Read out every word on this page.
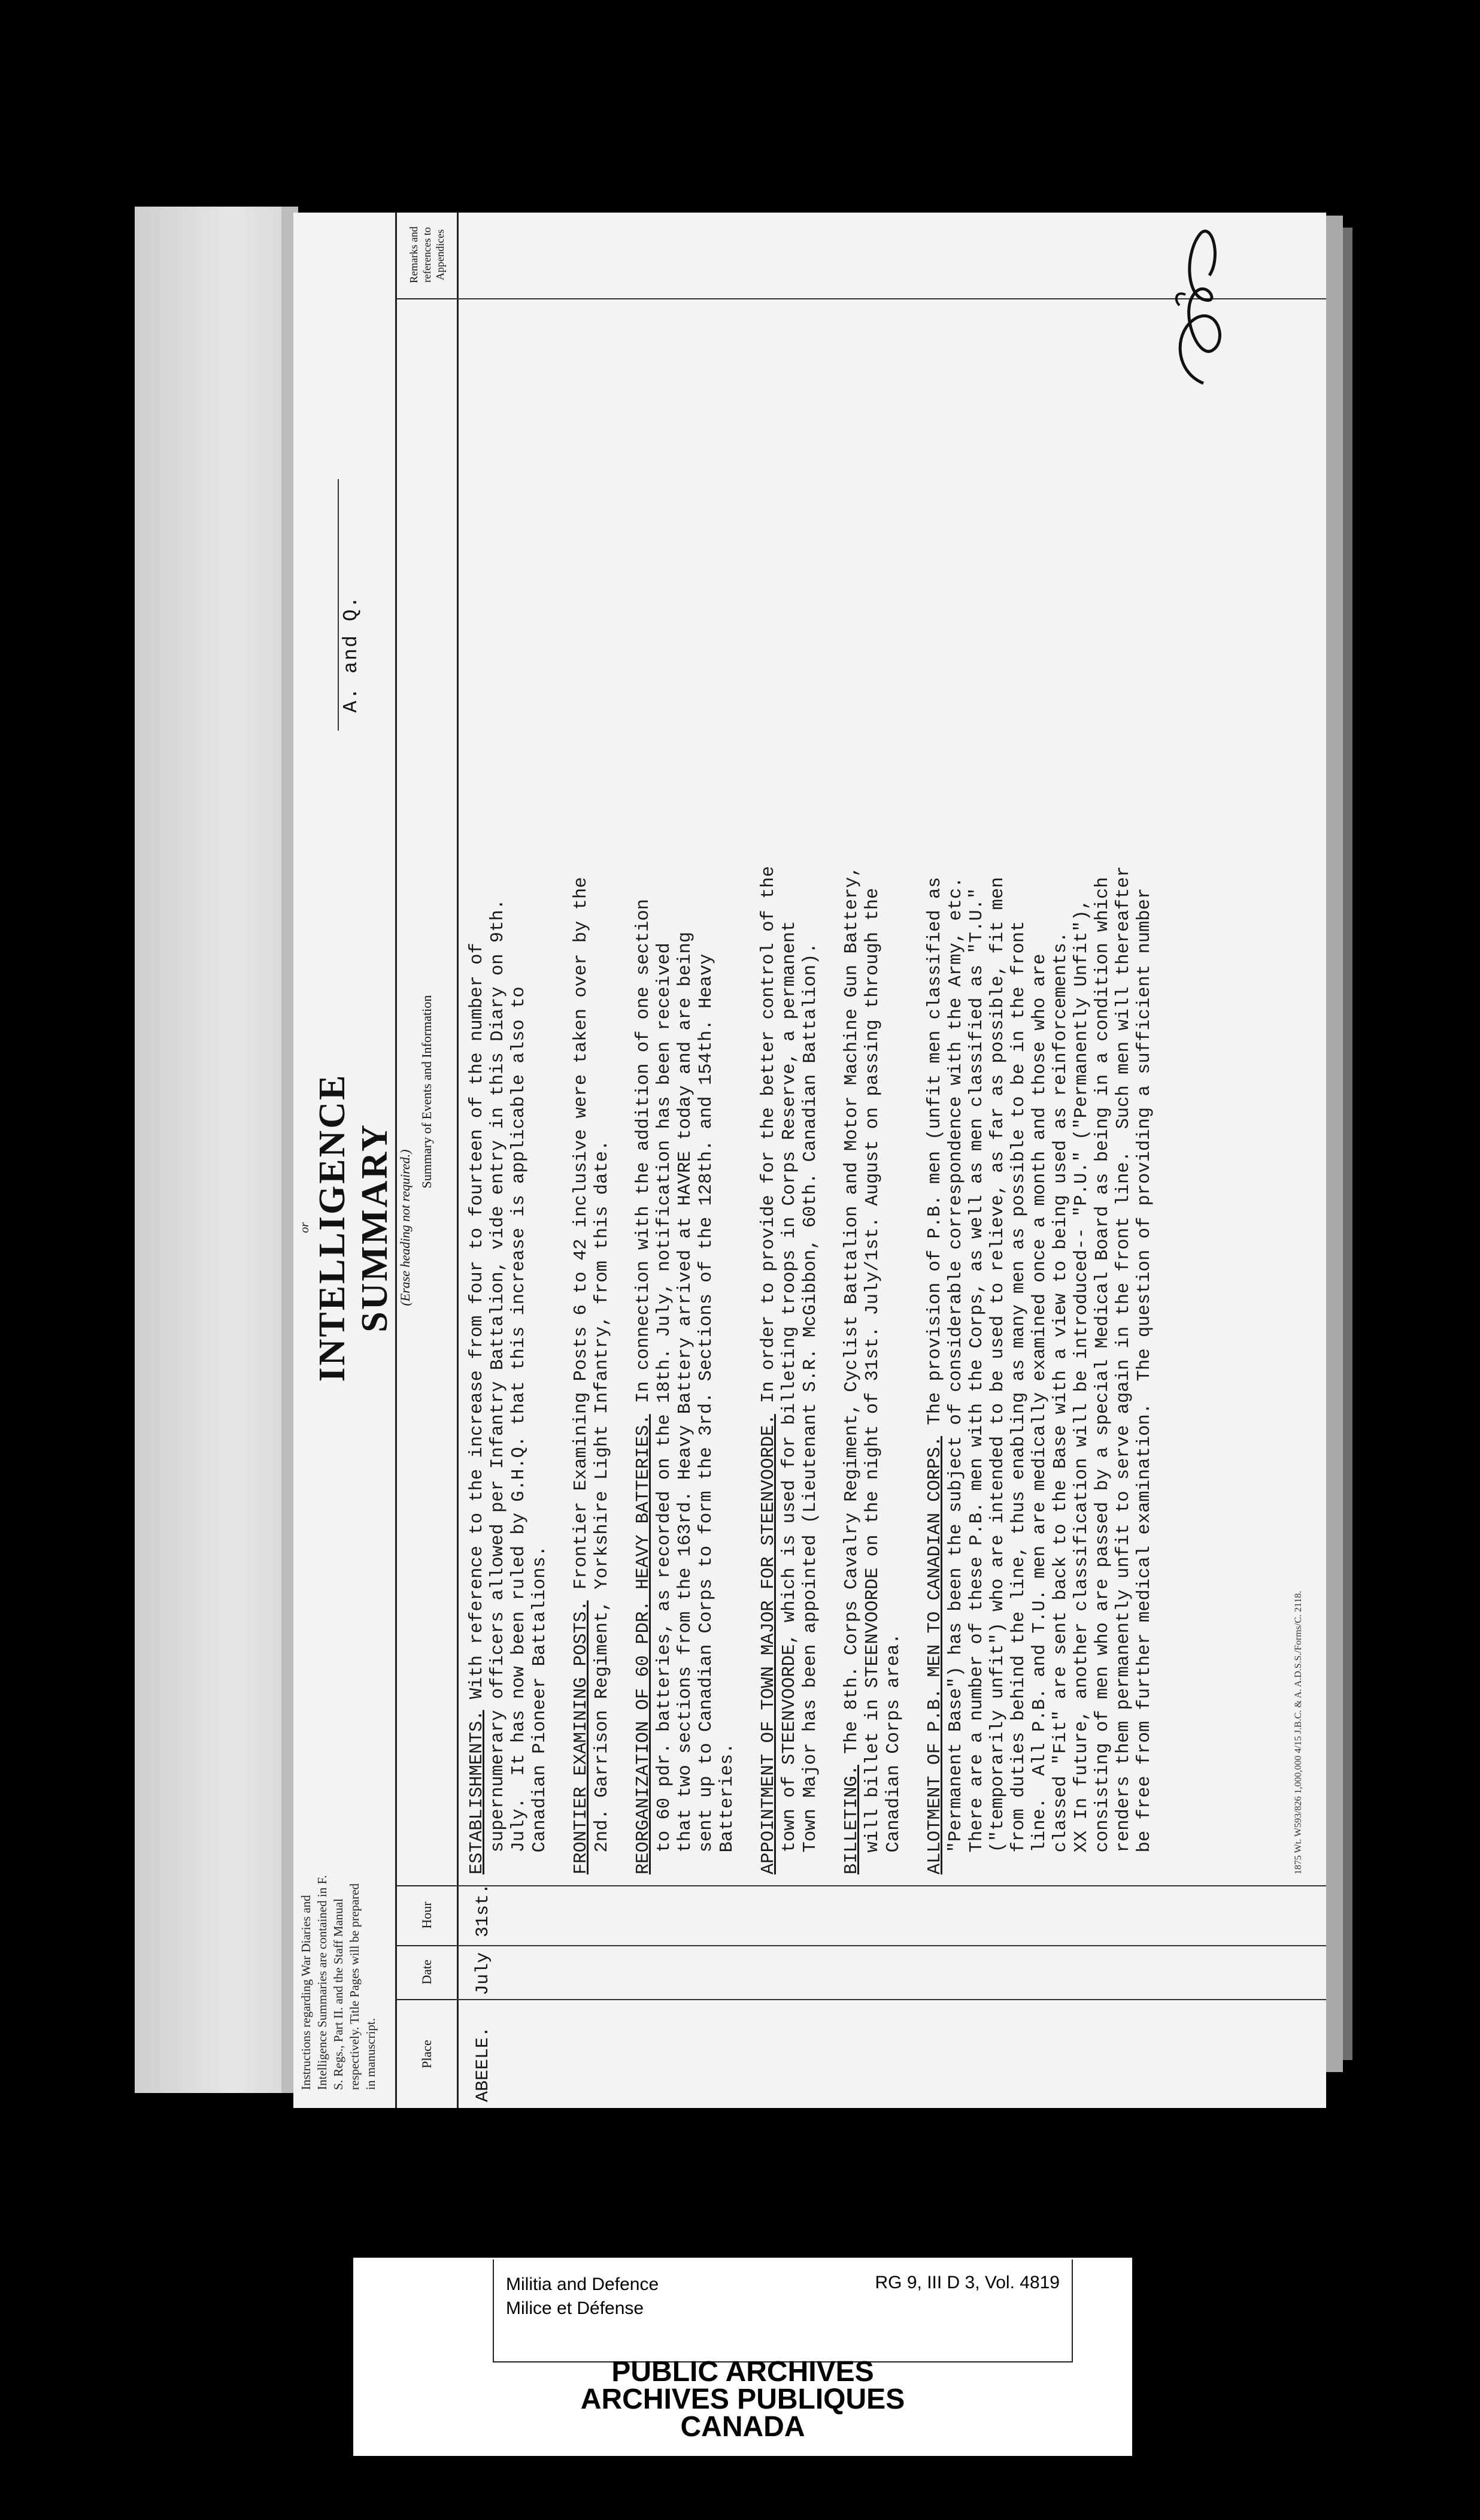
Instructions regarding War Diaries and Intelligence Summaries are contained in F. S. Regs., Part II. and the Staff Manual respectively. Title Pages will be prepared in manuscript.
or INTELLIGENCE SUMMARY (Erase heading not required.)
A. and Q.
Place
Date
Hour
Summary of Events and Information
Remarks and references to Appendices
ABEELE.
July
31st.

ESTABLISHMENTS. With reference to the increase from four to fourteen of the number of
supernumerary officers allowed per Infantry Battalion, vide entry in this Diary on 9th.
July.  It has now been ruled by G.H.Q. that this increase is applicable also to
Canadian Pioneer Battalions. FRONTIER EXAMINING POSTS. Frontier Examining Posts 6 to 42 inclusive were taken over by the
2nd. Garrison Regiment, Yorkshire Light Infantry, from this date.

REORGANIZATION OF 60 PDR. HEAVY BATTERIES. In connection with the addition of one section
to 60 pdr. batteries, as recorded on the 18th. July, notification has been received
that two sections from the 163rd. Heavy Battery arrived at HAVRE today and are being
sent up to Canadian Corps to form the 3rd. Sections of the 128th. and 154th. Heavy
Batteries. APPOINTMENT OF TOWN MAJOR FOR STEENVOORDE. In order to provide for the better control of the
town of STEENVOORDE, which is used for billeting troops in Corps Reserve, a permanent
Town Major has been appointed (Lieutenant S.R. McGibbon, 60th. Canadian Battalion).

BILLETING. The 8th. Corps Cavalry Regiment, Cyclist Battalion and Motor Machine Gun Battery,
will billet in STEENVOORDE on the night of 31st. July/1st. August on passing through the
Canadian Corps area. ALLOTMENT OF P.B. MEN TO CANADIAN CORPS. The provision of P.B. men (unfit men classified as
"Permanent Base") has been the subject of considerable correspondence with the Army, etc.
There are a number of these P.B. men with the Corps, as well as men classified as "T.U."
("temporarily unfit") who are intended to be used to relieve, as far as possible, fit men
from duties behind the line, thus enabling as many men as possible to be in the front
line.  All P.B. and T.U. men are medically examined once a month and those who are
classed "Fit" are sent back to the Base with a view to being used as reinforcements.
XX In future, another classification will be introduced-- "P.U." ("Permanently Unfit"),
consisting of men who are passed by a special Medical Board as being in a condition which
renders them permanently unfit to serve again in the front line.  Such men will thereafter
be free from further medical examination.  The question of providing a sufficient number

1875 Wt. W593/826 1,000,000 4/15 J.B.C. & A. A.D.S.S./Forms/C. 2118.
Militia and Defence
Milice et Défense
RG 9, III D 3, Vol. 4819
PUBLIC ARCHIVES
ARCHIVES PUBLIQUES
CANADA
